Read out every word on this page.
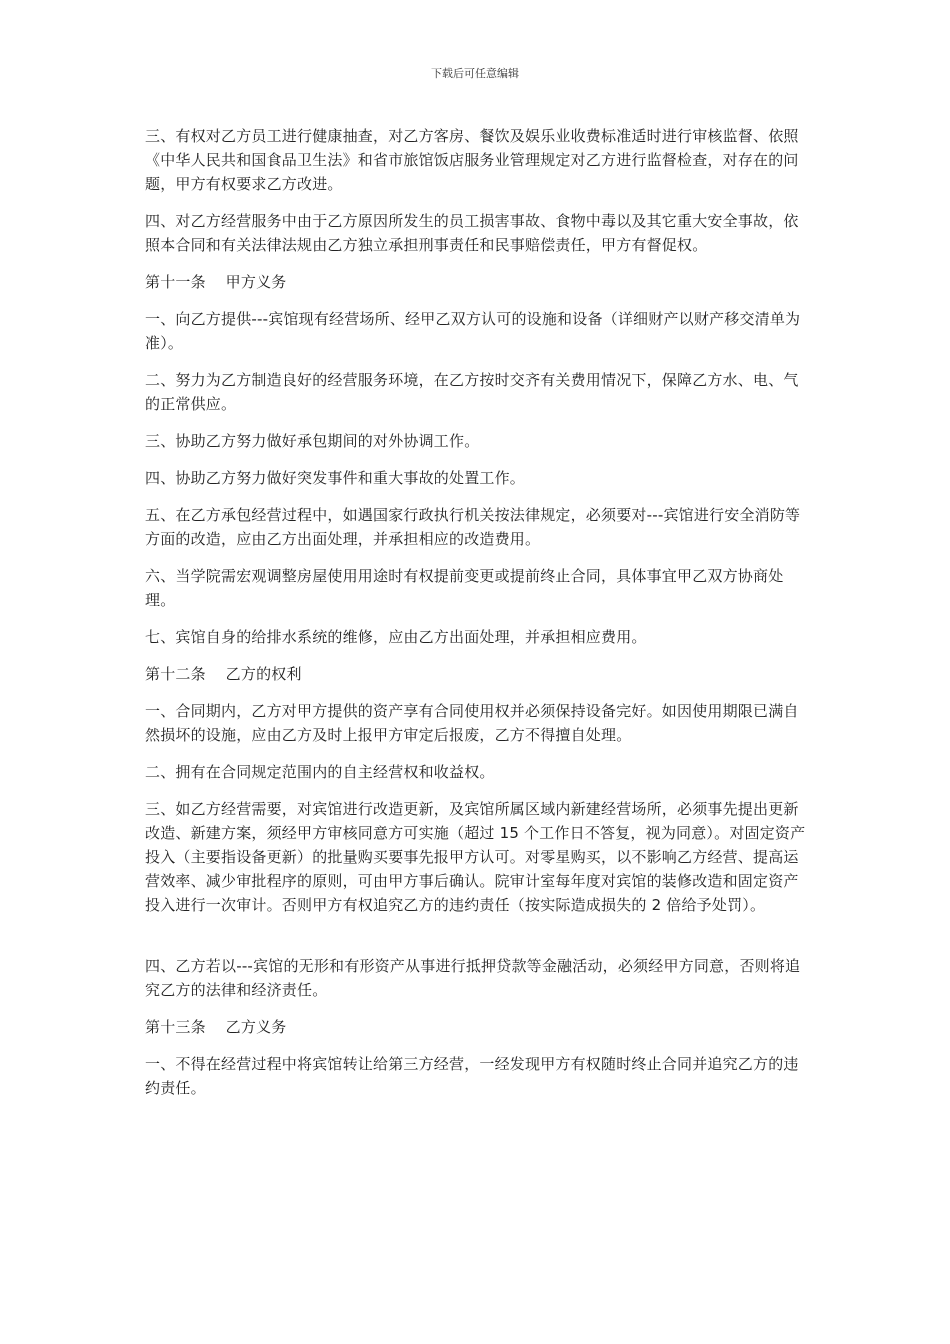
下载后可任意编辑

三、有权对乙方员工进行健康抽查，对乙方客房、餐饮及娱乐业收费标准适时进行审核监督、依照《中华人民共和国食品卫生法》和省市旅馆饭店服务业管理规定对乙方进行监督检查，对存在的问题，甲方有权要求乙方改进。

四、对乙方经营服务中由于乙方原因所发生的员工损害事故、食物中毒以及其它重大安全事故，依照本合同和有关法律法规由乙方独立承担刑事责任和民事赔偿责任，甲方有督促权。

第十一条    甲方义务

一、向乙方提供---宾馆现有经营场所、经甲乙双方认可的设施和设备（详细财产以财产移交清单为准）。

二、努力为乙方制造良好的经营服务环境，在乙方按时交齐有关费用情况下，保障乙方水、电、气的正常供应。

三、协助乙方努力做好承包期间的对外协调工作。

四、协助乙方努力做好突发事件和重大事故的处置工作。

五、在乙方承包经营过程中，如遇国家行政执行机关按法律规定，必须要对---宾馆进行安全消防等方面的改造，应由乙方出面处理，并承担相应的改造费用。

六、当学院需宏观调整房屋使用用途时有权提前变更或提前终止合同，具体事宜甲乙双方协商处理。

七、宾馆自身的给排水系统的维修，应由乙方出面处理，并承担相应费用。

第十二条    乙方的权利

一、合同期内，乙方对甲方提供的资产享有合同使用权并必须保持设备完好。如因使用期限已满自然损坏的设施，应由乙方及时上报甲方审定后报废，乙方不得擅自处理。

二、拥有在合同规定范围内的自主经营权和收益权。

三、如乙方经营需要，对宾馆进行改造更新，及宾馆所属区域内新建经营场所，必须事先提出更新改造、新建方案，须经甲方审核同意方可实施（超过 15 个工作日不答复，视为同意）。对固定资产投入（主要指设备更新）的批量购买要事先报甲方认可。对零星购买，以不影响乙方经营、提高运营效率、减少审批程序的原则，可由甲方事后确认。院审计室每年度对宾馆的装修改造和固定资产投入进行一次审计。否则甲方有权追究乙方的违约责任（按实际造成损失的 2 倍给予处罚）。

四、乙方若以---宾馆的无形和有形资产从事进行抵押贷款等金融活动，必须经甲方同意，否则将追究乙方的法律和经济责任。

第十三条    乙方义务

一、不得在经营过程中将宾馆转让给第三方经营，一经发现甲方有权随时终止合同并追究乙方的违约责任。
